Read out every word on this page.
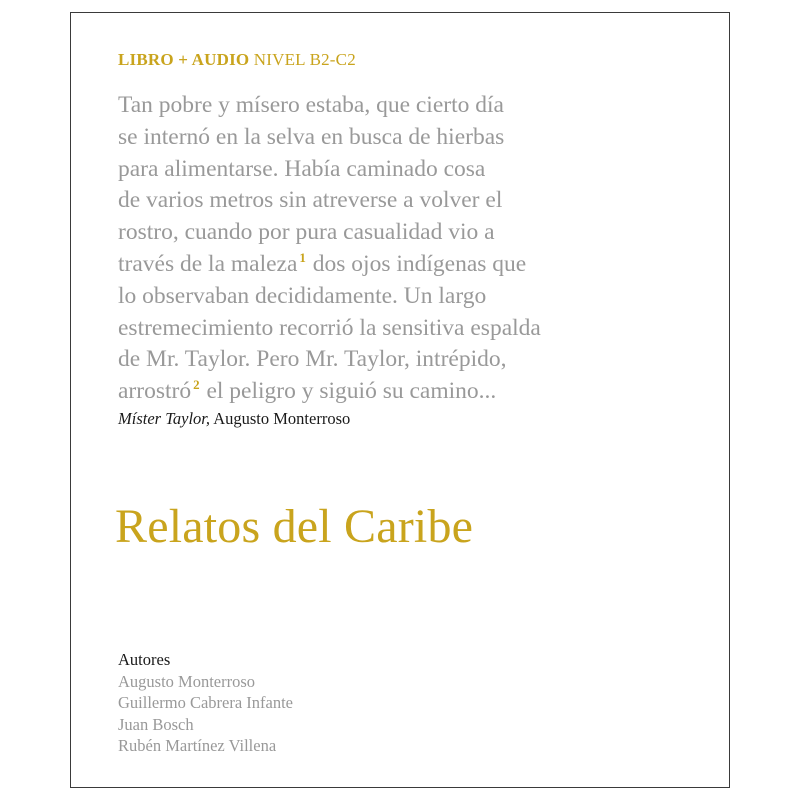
LIBRO + AUDIO NIVEL B2-C2
Tan pobre y mísero estaba, que cierto día
se internó en la selva en busca de hierbas
para alimentarse. Había caminado cosa
de varios metros sin atreverse a volver el
rostro, cuando por pura casualidad vio a
través de la maleza $^1$ dos ojos indígenas que
lo observaban decididamente. Un largo
estremecimiento recorrió la sensitiva espalda
de Mr. Taylor. Pero Mr. Taylor, intrépido,
arrostró $^2$ el peligro y siguió su camino...
Míster Taylor, Augusto Monterroso
Relatos del Caribe
Autores
Augusto Monterroso
Guillermo Cabrera Infante
Juan Bosch
Rubén Martínez Villena
